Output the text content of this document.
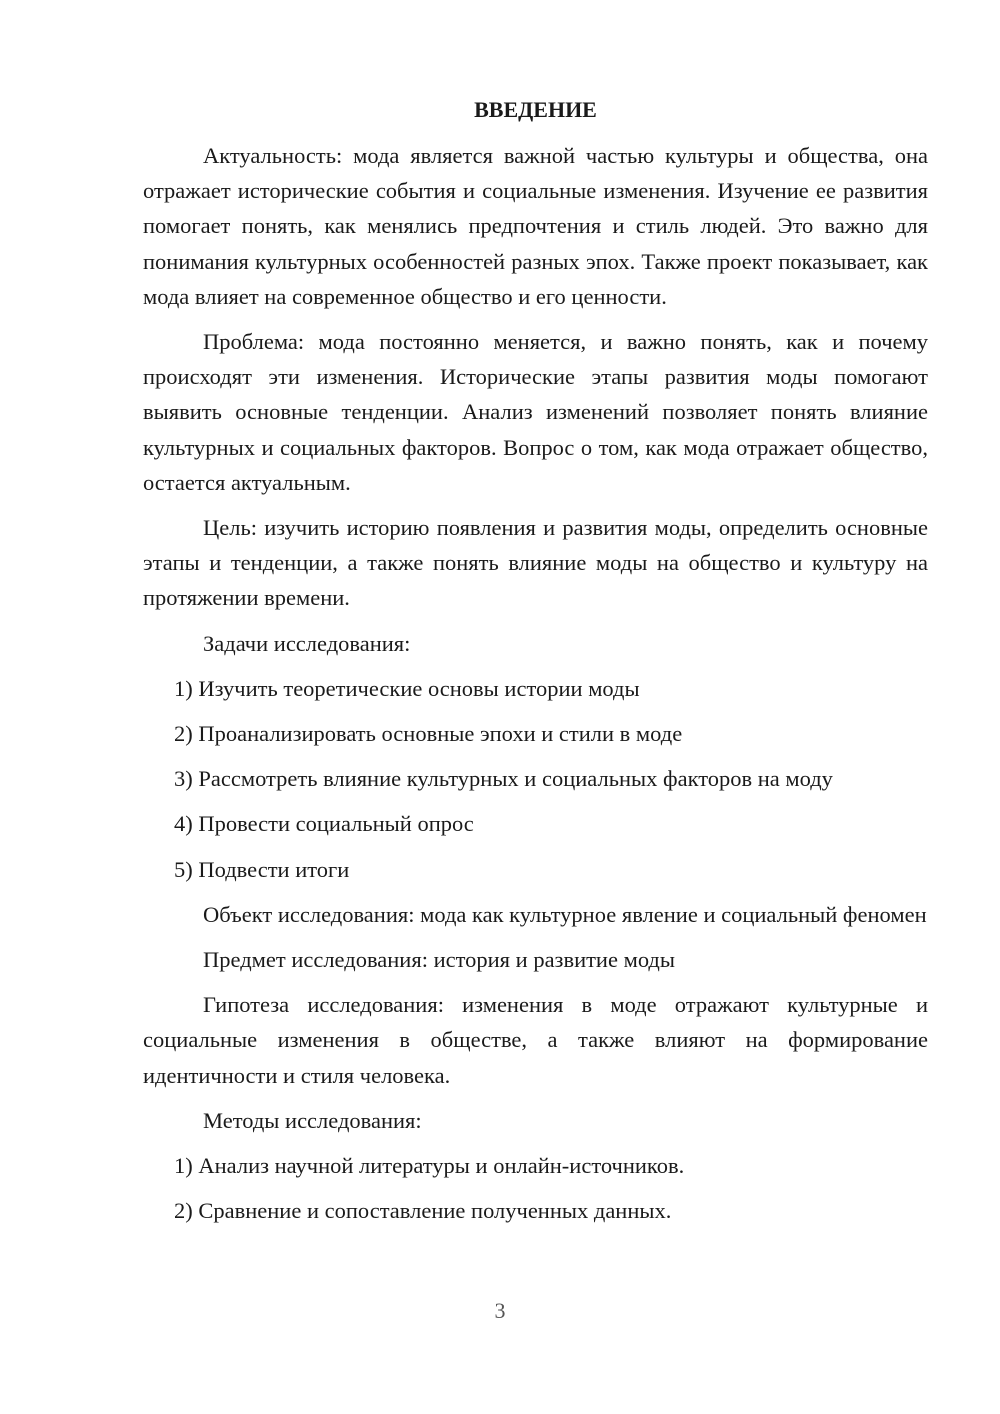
ВВЕДЕНИЕ

Актуальность: мода является важной частью культуры и общества, она отражает исторические события и социальные изменения. Изучение ее развития помогает понять, как менялись предпочтения и стиль людей. Это важно для понимания культурных особенностей разных эпох. Также проект показывает, как мода влияет на современное общество и его ценности.

Проблема: мода постоянно меняется, и важно понять, как и почему происходят эти изменения. Исторические этапы развития моды помогают выявить основные тенденции. Анализ изменений позволяет понять влияние культурных и социальных факторов. Вопрос о том, как мода отражает общество, остается актуальным.

Цель: изучить историю появления и развития моды, определить основные этапы и тенденции, а также понять влияние моды на общество и культуру на протяжении времени.

Задачи исследования:

1) Изучить теоретические основы истории моды

2) Проанализировать основные эпохи и стили в моде

3) Рассмотреть влияние культурных и социальных факторов на моду

4) Провести социальный опрос

5) Подвести итоги

Объект исследования: мода как культурное явление и социальный феномен

Предмет исследования: история и развитие моды

Гипотеза исследования: изменения в моде отражают культурные и социальные изменения в обществе, а также влияют на формирование идентичности и стиля человека.

Методы исследования:

1) Анализ научной литературы и онлайн-источников.

2) Сравнение и сопоставление полученных данных.

3
